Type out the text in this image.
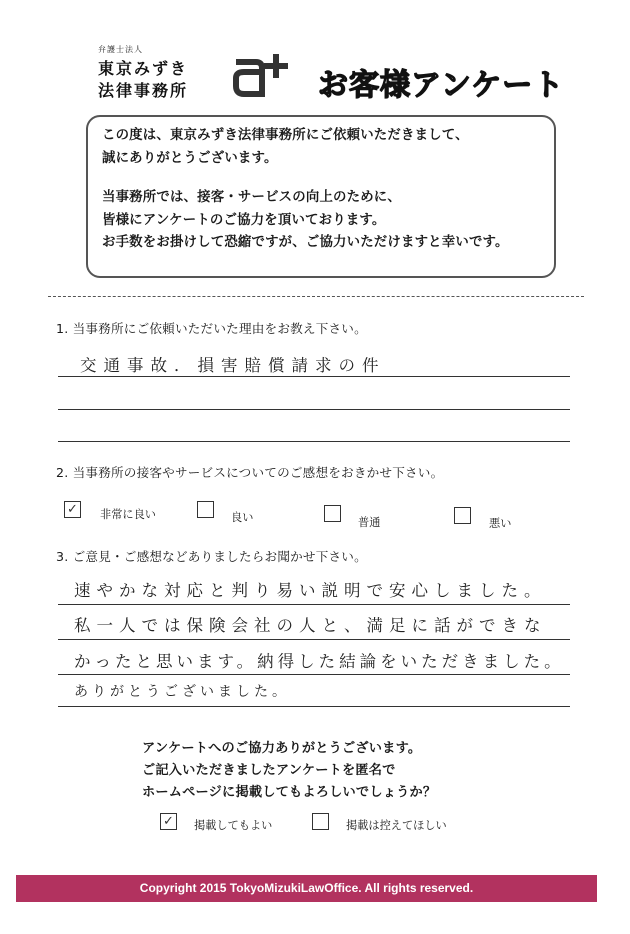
弁護士法人
東京みずき
法律事務所	お客様アンケート

この度は、東京みずき法律事務所にご依頼いただきまして、

誠にありがとうございます。

当事務所では、接客・サービスの向上のために、

皆様にアンケートのご協力を頂いております。

お手数をお掛けして恐縮ですが、ご協力いただけますと幸いです。

1. 当事務所にご依頼いただいた理由をお教え下さい。
交通事故．損害賠償請求の件
2. 当事務所の接客やサービスについてのご感想をおきかせ下さい。
✓ 非常に良い	良い	普通	悪い
3. ご意見・ご感想などありましたらお聞かせ下さい。
速やかな対応と判り易い説明で安心しました。
私一人では保険会社の人と、満足に話ができな
かったと思います。納得した結論をいただきました。
ありがとうございました。

アンケートへのご協力ありがとうございます。

ご記入いただきましたアンケートを匿名で

ホームページに掲載してもよろしいでしょうか？

✓ 掲載してもよい	掲載は控えてほしい
Copyright 2015 TokyoMizukiLawOffice. All rights reserved.
